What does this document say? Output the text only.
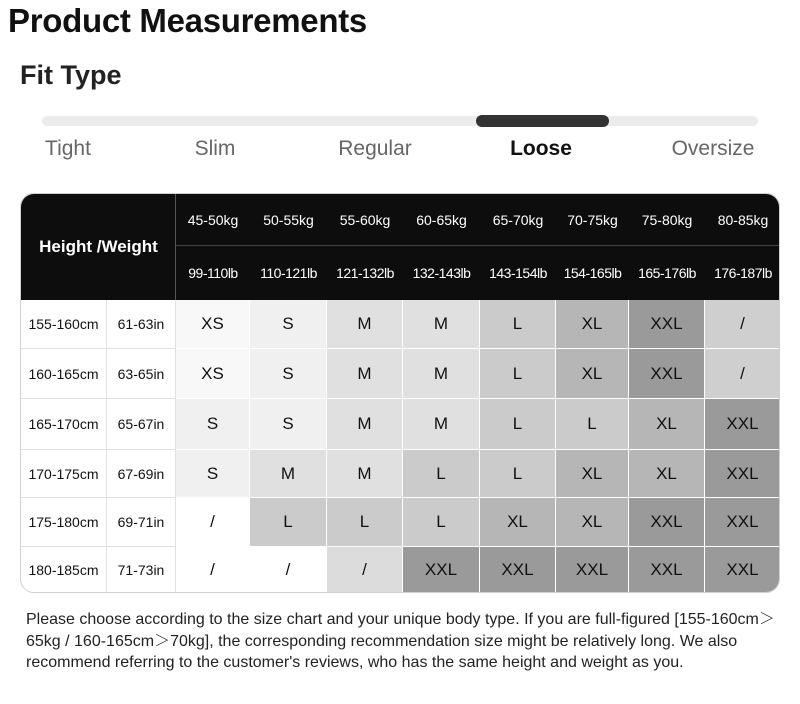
Product Measurements
Fit Type
Tight	Slim	Regular	Loose	Oversize
Height /Weight
45-50kg	50-55kg	55-60kg	60-65kg	65-70kg	70-75kg	75-80kg	80-85kg
99-110lb	110-121lb	121-132lb	132-143lb	143-154lb	154-165lb	165-176lb	176-187lb
155-160cm	61-63in	XS	S	M	M	L	XL	XXL	/
160-165cm	63-65in	XS	S	M	M	L	XL	XXL	/
165-170cm	65-67in	S	S	M	M	L	L	XL	XXL
170-175cm	67-69in	S	M	M	L	L	XL	XL	XXL
175-180cm	69-71in	/	L	L	L	XL	XL	XXL	XXL
180-185cm	71-73in	/	/	/	XXL	XXL	XXL	XXL	XXL
Please choose according to the size chart and your unique body type. If you are full-figured [155-160cm＞65kg / 160-165cm＞70kg], the corresponding recommendation size might be relatively long. We also recommend referring to the customer's reviews, who has the same height and weight as you.
